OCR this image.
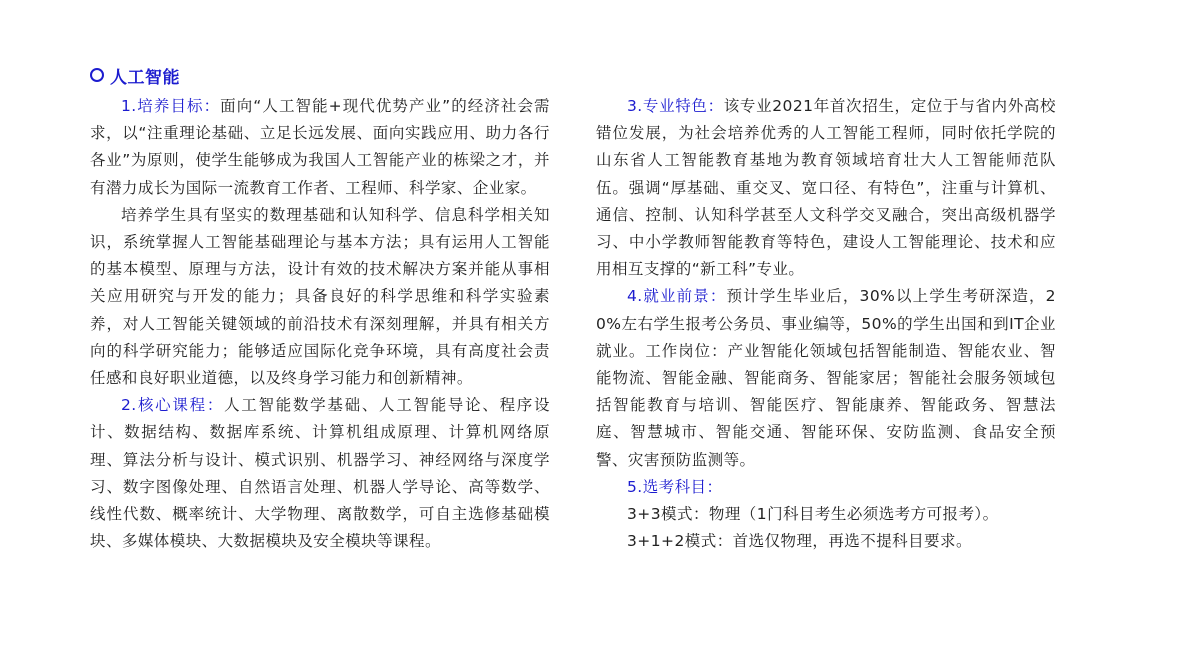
人工智能

1.培养目标：面向“人工智能+现代优势产业”的经济社会需求，以“注重理论基础、立足长远发展、面向实践应用、助力各行各业”为原则，使学生能够成为我国人工智能产业的栋梁之才，并有潜力成长为国际一流教育工作者、工程师、科学家、企业家。

培养学生具有坚实的数理基础和认知科学、信息科学相关知识，系统掌握人工智能基础理论与基本方法；具有运用人工智能的基本模型、原理与方法，设计有效的技术解决方案并能从事相关应用研究与开发的能力；具备良好的科学思维和科学实验素养，对人工智能关键领域的前沿技术有深刻理解，并具有相关方向的科学研究能力；能够适应国际化竞争环境，具有高度社会责任感和良好职业道德，以及终身学习能力和创新精神。

2.核心课程：人工智能数学基础、人工智能导论、程序设计、数据结构、数据库系统、计算机组成原理、计算机网络原理、算法分析与设计、模式识别、机器学习、神经网络与深度学习、数字图像处理、自然语言处理、机器人学导论、高等数学、线性代数、概率统计、大学物理、离散数学，可自主选修基础模块、多媒体模块、大数据模块及安全模块等课程。

3.专业特色：该专业2021年首次招生，定位于与省内外高校错位发展，为社会培养优秀的人工智能工程师，同时依托学院的山东省人工智能教育基地为教育领域培育壮大人工智能师范队伍。强调“厚基础、重交叉、宽口径、有特色”，注重与计算机、通信、控制、认知科学甚至人文科学交叉融合，突出高级机器学习、中小学教师智能教育等特色，建设人工智能理论、技术和应用相互支撑的“新工科”专业。

4.就业前景：预计学生毕业后，30%以上学生考研深造，20%左右学生报考公务员、事业编等，50%的学生出国和到IT企业就业。工作岗位：产业智能化领域包括智能制造、智能农业、智能物流、智能金融、智能商务、智能家居；智能社会服务领域包括智能教育与培训、智能医疗、智能康养、智能政务、智慧法庭、智慧城市、智能交通、智能环保、安防监测、食品安全预警、灾害预防监测等。

5.选考科目：

3+3模式：物理（1门科目考生必须选考方可报考）。

3+1+2模式：首选仅物理，再选不提科目要求。
